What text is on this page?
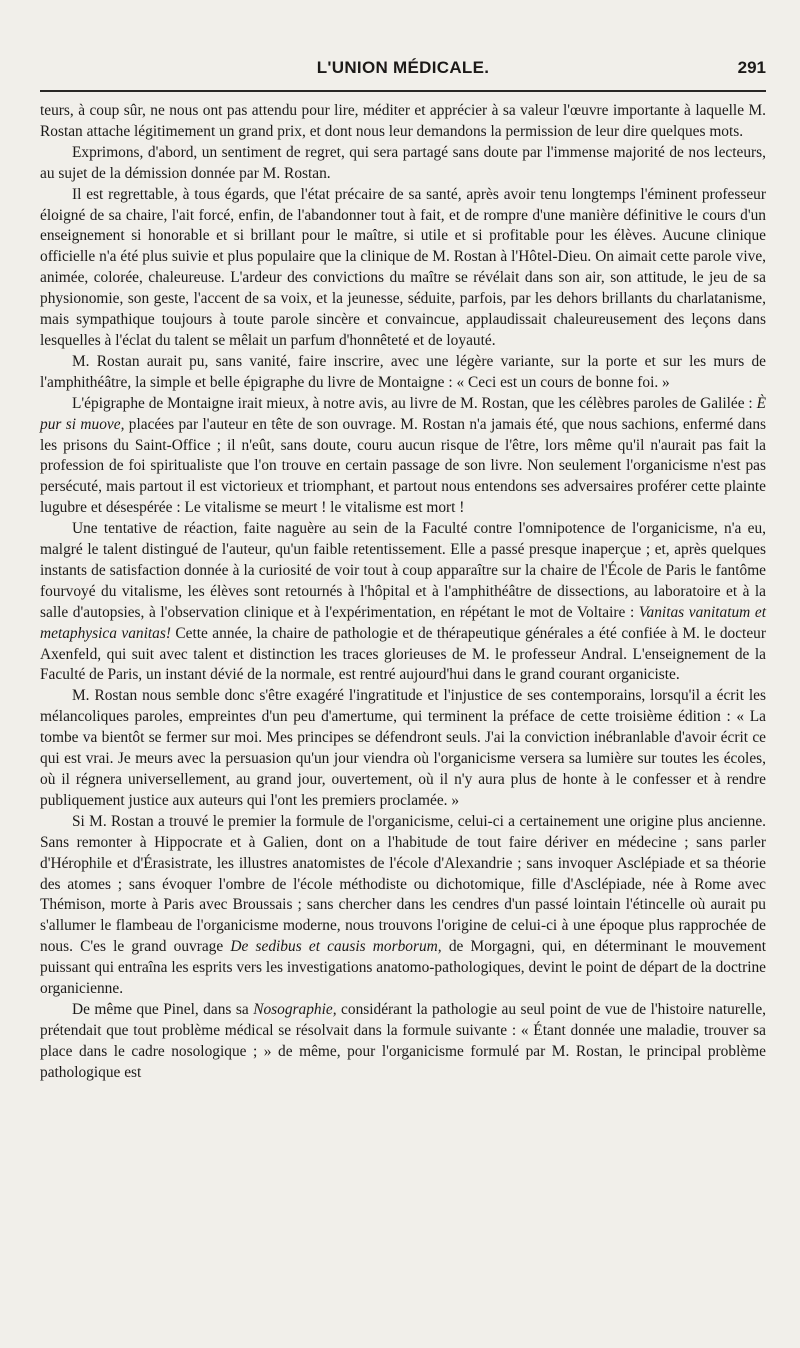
L'UNION MÉDICALE.	291

teurs, à coup sûr, ne nous ont pas attendu pour lire, méditer et apprécier à sa valeur l'œuvre importante à laquelle M. Rostan attache légitimement un grand prix, et dont nous leur demandons la permission de leur dire quelques mots.

Exprimons, d'abord, un sentiment de regret, qui sera partagé sans doute par l'immense majorité de nos lecteurs, au sujet de la démission donnée par M. Rostan.

Il est regrettable, à tous égards, que l'état précaire de sa santé, après avoir tenu longtemps l'éminent professeur éloigné de sa chaire, l'ait forcé, enfin, de l'abandonner tout à fait, et de rompre d'une manière définitive le cours d'un enseignement si honorable et si brillant pour le maître, si utile et si profitable pour les élèves. Aucune clinique officielle n'a été plus suivie et plus populaire que la clinique de M. Rostan à l'Hôtel-Dieu. On aimait cette parole vive, animée, colorée, chaleureuse. L'ardeur des convictions du maître se révélait dans son air, son attitude, le jeu de sa physionomie, son geste, l'accent de sa voix, et la jeunesse, séduite, parfois, par les dehors brillants du charlatanisme, mais sympathique toujours à toute parole sincère et convaincue, applaudissait chaleureusement des leçons dans lesquelles à l'éclat du talent se mêlait un parfum d'honnêteté et de loyauté.

M. Rostan aurait pu, sans vanité, faire inscrire, avec une légère variante, sur la porte et sur les murs de l'amphithéâtre, la simple et belle épigraphe du livre de Montaigne : « Ceci est un cours de bonne foi. »

L'épigraphe de Montaigne irait mieux, à notre avis, au livre de M. Rostan, que les célèbres paroles de Galilée : È pur si muove, placées par l'auteur en tête de son ouvrage. M. Rostan n'a jamais été, que nous sachions, enfermé dans les prisons du Saint-Office ; il n'eût, sans doute, couru aucun risque de l'être, lors même qu'il n'aurait pas fait la profession de foi spiritualiste que l'on trouve en certain passage de son livre. Non seulement l'organicisme n'est pas persécuté, mais partout il est victorieux et triomphant, et partout nous entendons ses adversaires proférer cette plainte lugubre et désespérée : Le vitalisme se meurt ! le vitalisme est mort !

Une tentative de réaction, faite naguère au sein de la Faculté contre l'omnipotence de l'organicisme, n'a eu, malgré le talent distingué de l'auteur, qu'un faible retentissement. Elle a passé presque inaperçue ; et, après quelques instants de satisfaction donnée à la curiosité de voir tout à coup apparaître sur la chaire de l'École de Paris le fantôme fourvoyé du vitalisme, les élèves sont retournés à l'hôpital et à l'amphithéâtre de dissections, au laboratoire et à la salle d'autopsies, à l'observation clinique et à l'expérimentation, en répétant le mot de Voltaire : Vanitas vanitatum et metaphysica vanitas! Cette année, la chaire de pathologie et de thérapeutique générales a été confiée à M. le docteur Axenfeld, qui suit avec talent et distinction les traces glorieuses de M. le professeur Andral. L'enseignement de la Faculté de Paris, un instant dévié de la normale, est rentré aujourd'hui dans le grand courant organiciste.

M. Rostan nous semble donc s'être exagéré l'ingratitude et l'injustice de ses contemporains, lorsqu'il a écrit les mélancoliques paroles, empreintes d'un peu d'amertume, qui terminent la préface de cette troisième édition : « La tombe va bientôt se fermer sur moi. Mes principes se défendront seuls. J'ai la conviction inébranlable d'avoir écrit ce qui est vrai. Je meurs avec la persuasion qu'un jour viendra où l'organicisme versera sa lumière sur toutes les écoles, où il régnera universellement, au grand jour, ouvertement, où il n'y aura plus de honte à le confesser et à rendre publiquement justice aux auteurs qui l'ont les premiers proclamée. »

Si M. Rostan a trouvé le premier la formule de l'organicisme, celui-ci a certainement une origine plus ancienne. Sans remonter à Hippocrate et à Galien, dont on a l'habitude de tout faire dériver en médecine ; sans parler d'Hérophile et d'Érasistrate, les illustres anatomistes de l'école d'Alexandrie ; sans invoquer Asclépiade et sa théorie des atomes ; sans évoquer l'ombre de l'école méthodiste ou dichotomique, fille d'Asclépiade, née à Rome avec Thémison, morte à Paris avec Broussais ; sans chercher dans les cendres d'un passé lointain l'étincelle où aurait pu s'allumer le flambeau de l'organicisme moderne, nous trouvons l'origine de celui-ci à une époque plus rapprochée de nous. C'es le grand ouvrage De sedibus et causis morborum, de Morgagni, qui, en déterminant le mouvement puissant qui entraîna les esprits vers les investigations anatomo-pathologiques, devint le point de départ de la doctrine organicienne.

De même que Pinel, dans sa Nosographie, considérant la pathologie au seul point de vue de l'histoire naturelle, prétendait que tout problème médical se résolvait dans la formule suivante : « Étant donnée une maladie, trouver sa place dans le cadre nosologique ; » de même, pour l'organicisme formulé par M. Rostan, le principal problème pathologique est
